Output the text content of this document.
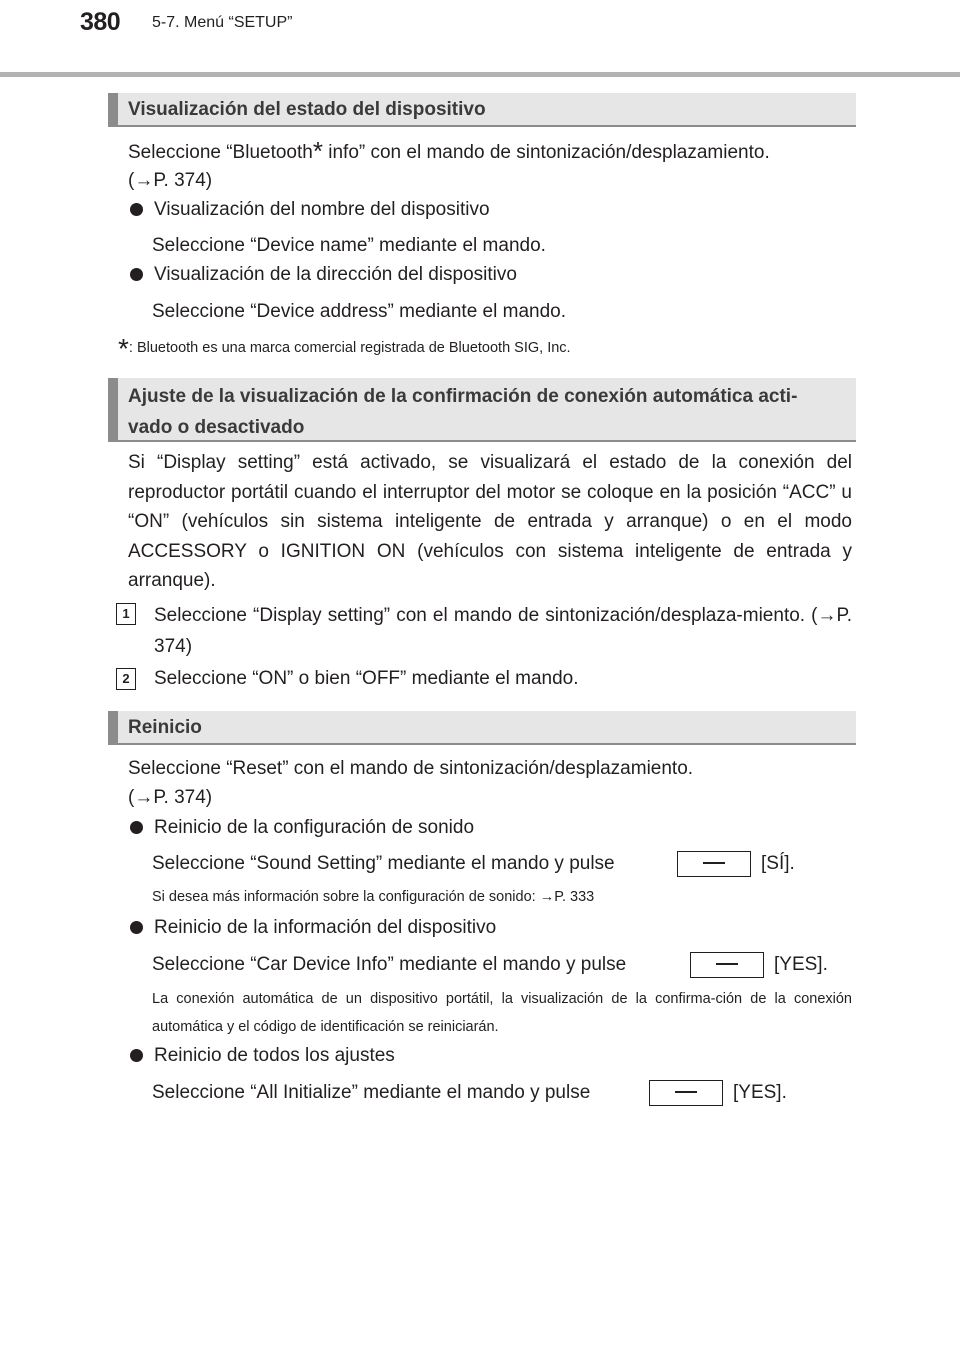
380 5-7. Menú “SETUP”
Visualización del estado del dispositivo

Seleccione “Bluetooth* info” con el mando de sintonización/desplazamiento.

(→P. 374)

Visualización del nombre del dispositivo

Seleccione “Device name” mediante el mando.

Visualización de la dirección del dispositivo

Seleccione “Device address” mediante el mando.

*: Bluetooth es una marca comercial registrada de Bluetooth SIG, Inc.

Ajuste de la visualización de la confirmación de conexión automática acti-
vado o desactivado

Si “Display setting” está activado, se visualizará el estado de la conexión del reproductor portátil cuando el interruptor del motor se coloque en la posición “ACC” u “ON” (vehículos sin sistema inteligente de entrada y arranque) o en el modo ACCESSORY o IGNITION ON (vehículos con sistema inteligente de entrada y arranque).

1	Seleccione “Display setting” con el mando de sintonización/desplaza-miento. (→P. 374)

2	Seleccione “ON” o bien “OFF” mediante el mando.

Reinicio

Seleccione “Reset” con el mando de sintonización/desplazamiento.

(→P. 374)

Reinicio de la configuración de sonido

Seleccione “Sound Setting” mediante el mando y pulse	[SÍ].

Si desea más información sobre la configuración de sonido: →P. 333

Reinicio de la información del dispositivo

Seleccione “Car Device Info” mediante el mando y pulse	[YES].

La conexión automática de un dispositivo portátil, la visualización de la confirma-ción de la conexión automática y el código de identificación se reiniciarán.

Reinicio de todos los ajustes

Seleccione “All Initialize” mediante el mando y pulse	[YES].
